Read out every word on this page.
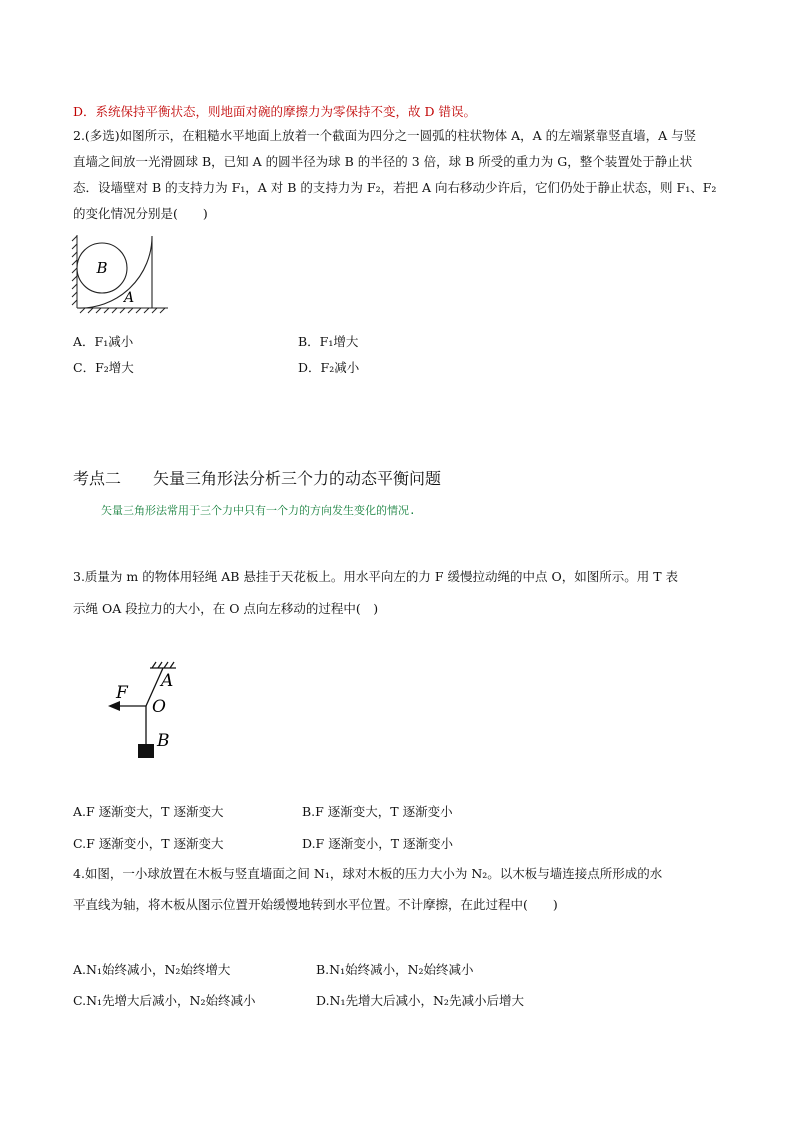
D．系统保持平衡状态，则地面对碗的摩擦力为零保持不变，故 D 错误。
2.(多选)如图所示，在粗糙水平地面上放着一个截面为四分之一圆弧的柱状物体 A，A 的左端紧靠竖直墙，A 与竖
直墙之间放一光滑圆球 B，已知 A 的圆半径为球 B 的半径的 3 倍，球 B 所受的重力为 G，整个装置处于静止状
态．设墙壁对 B 的支持力为 F₁，A 对 B 的支持力为 F₂，若把 A 向右移动少许后，它们仍处于静止状态，则 F₁、F₂
的变化情况分别是(　　)
B
A
A．F₁减小	B．F₁增大
C．F₂增大	D．F₂减小
考点二　　矢量三角形法分析三个力的动态平衡问题
矢量三角形法常用于三个力中只有一个力的方向发生变化的情况.
3.质量为 m 的物体用轻绳 AB 悬挂于天花板上。用水平向左的力 F 缓慢拉动绳的中点 O，如图所示。用 T 表
示绳 OA 段拉力的大小，在 O 点向左移动的过程中(　)
F
A
O
B
A.F 逐渐变大，T 逐渐变大	B.F 逐渐变大，T 逐渐变小
C.F 逐渐变小，T 逐渐变大	D.F 逐渐变小，T 逐渐变小
4.如图，一小球放置在木板与竖直墙面之间 N₁，球对木板的压力大小为 N₂。以木板与墙连接点所形成的水
平直线为轴，将木板从图示位置开始缓慢地转到水平位置。不计摩擦，在此过程中(　　)
A.N₁始终减小，N₂始终增大	B.N₁始终减小，N₂始终减小
C.N₁先增大后减小，N₂始终减小	D.N₁先增大后减小，N₂先减小后增大
